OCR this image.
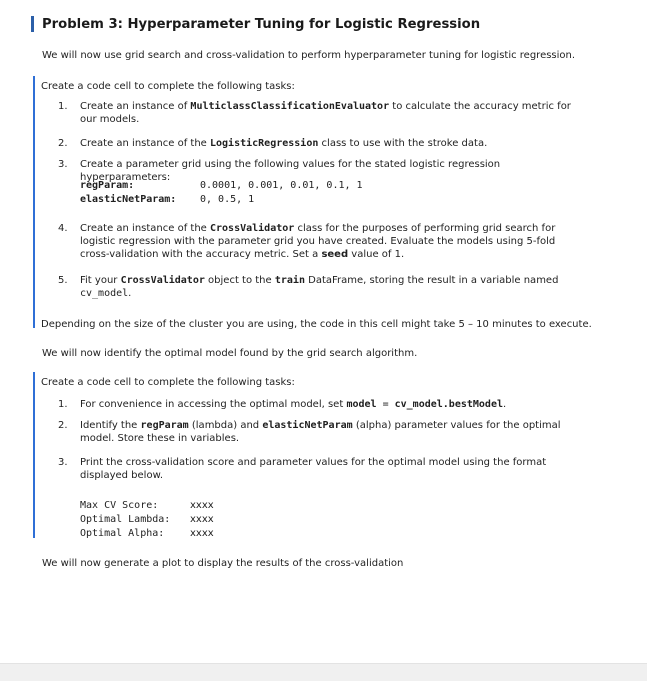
Problem 3: Hyperparameter Tuning for Logistic Regression
We will now use grid search and cross-validation to perform hyperparameter tuning for logistic regression.
Create a code cell to complete the following tasks:
1. Create an instance of MulticlassClassificationEvaluator to calculate the accuracy metric for our models.
2. Create an instance of the LogisticRegression class to use with the stroke data.
3. Create a parameter grid using the following values for the stated logistic regression hyperparameters:
regParam:	0.0001, 0.001, 0.01, 0.1, 1
elasticNetParam: 0, 0.5, 1
4. Create an instance of the CrossValidator class for the purposes of performing grid search for logistic regression with the parameter grid you have created. Evaluate the models using 5-fold cross-validation with the accuracy metric. Set a seed value of 1.
5. Fit your CrossValidator object to the train DataFrame, storing the result in a variable named cv_model.
Depending on the size of the cluster you are using, the code in this cell might take 5 – 10 minutes to execute.
We will now identify the optimal model found by the grid search algorithm.
Create a code cell to complete the following tasks:
1. For convenience in accessing the optimal model, set model = cv_model.bestModel.
2. Identify the regParam (lambda) and elasticNetParam (alpha) parameter values for the optimal model. Store these in variables.
3. Print the cross-validation score and parameter values for the optimal model using the format displayed below.
Max CV Score: xxxx
Optimal Lambda: xxxx
Optimal Alpha: xxxx
We will now generate a plot to display the results of the cross-validation
